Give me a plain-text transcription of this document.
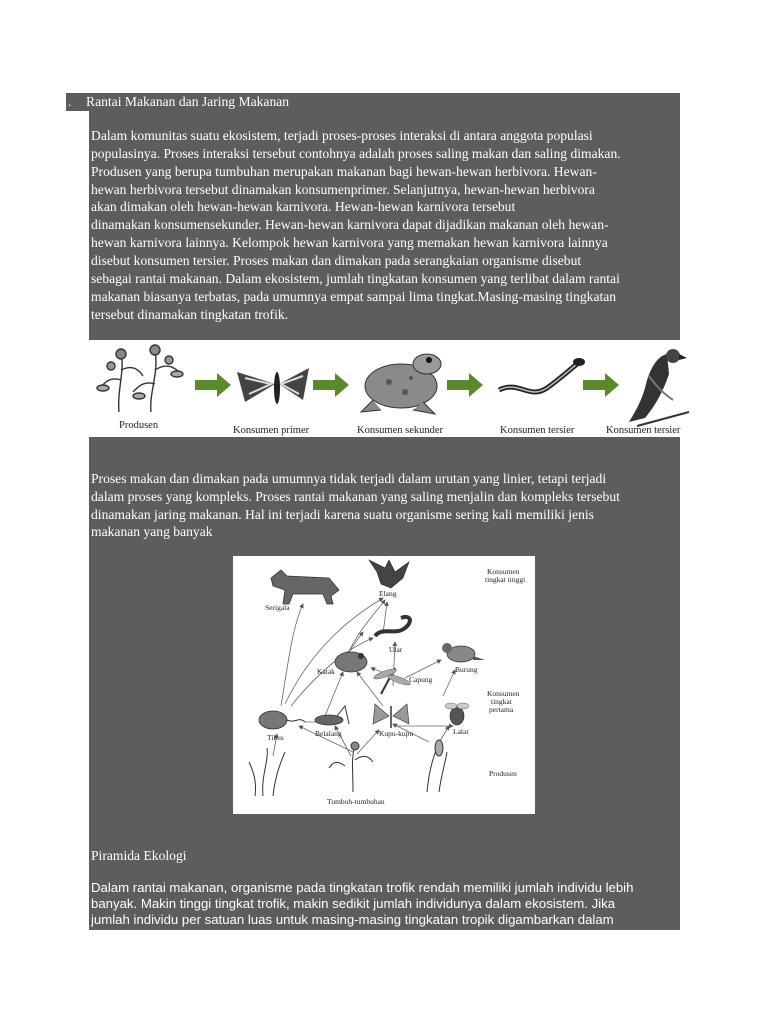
.	Rantai Makanan dan Jaring Makanan
Dalam komunitas suatu ekosistem, terjadi proses-proses interaksi di antara anggota populasi
populasinya. Proses interaksi tersebut contohnya adalah proses saling makan dan saling dimakan.
Produsen yang berupa tumbuhan merupakan makanan bagi hewan-hewan herbivora. Hewan-
hewan herbivora tersebut dinamakan konsumenprimer. Selanjutnya, hewan-hewan herbivora
akan dimakan oleh hewan-hewan karnivora. Hewan-hewan karnivora tersebut
dinamakan konsumensekunder. Hewan-hewan karnivora dapat dijadikan makanan oleh hewan-
hewan karnivora lainnya. Kelompok hewan karnivora yang memakan hewan karnivora lainnya
disebut konsumen tersier. Proses makan dan dimakan pada serangkaian organisme disebut
sebagai rantai makanan. Dalam ekosistem, jumlah tingkatan konsumen yang terlibat dalam rantai
makanan biasanya terbatas, pada umumnya empat sampai lima tingkat.Masing-masing tingkatan
tersebut dinamakan tingkatan trofik.
Produsen	Konsumen primer	Konsumen sekunder	Konsumen tersier	Konsumen tersier
Proses makan dan dimakan pada umumnya tidak terjadi dalam urutan yang linier, tetapi terjadi
dalam proses yang kompleks. Proses rantai makanan yang saling menjalin dan kompleks tersebut
dinamakan jaring makanan. Hal ini terjadi karena suatu organisme sering kali memiliki jenis
makanan yang banyak
Serigala
Elang
Ular
Katak
Capung
Burung
Tikus	Belalang	Kupu-kupu	Lalat
Tumbuh-tumbuhan
Konsumen
tingkat tinggi
Konsumen
tingkat
pertama
Produsen
Piramida Ekologi
Dalam rantai makanan, organisme pada tingkatan trofik rendah memiliki jumlah individu lebih
banyak. Makin tinggi tingkat trofik, makin sedikit jumlah individunya dalam ekosistem. Jika
jumlah individu per satuan luas untuk masing-masing tingkatan tropik digambarkan dalam
